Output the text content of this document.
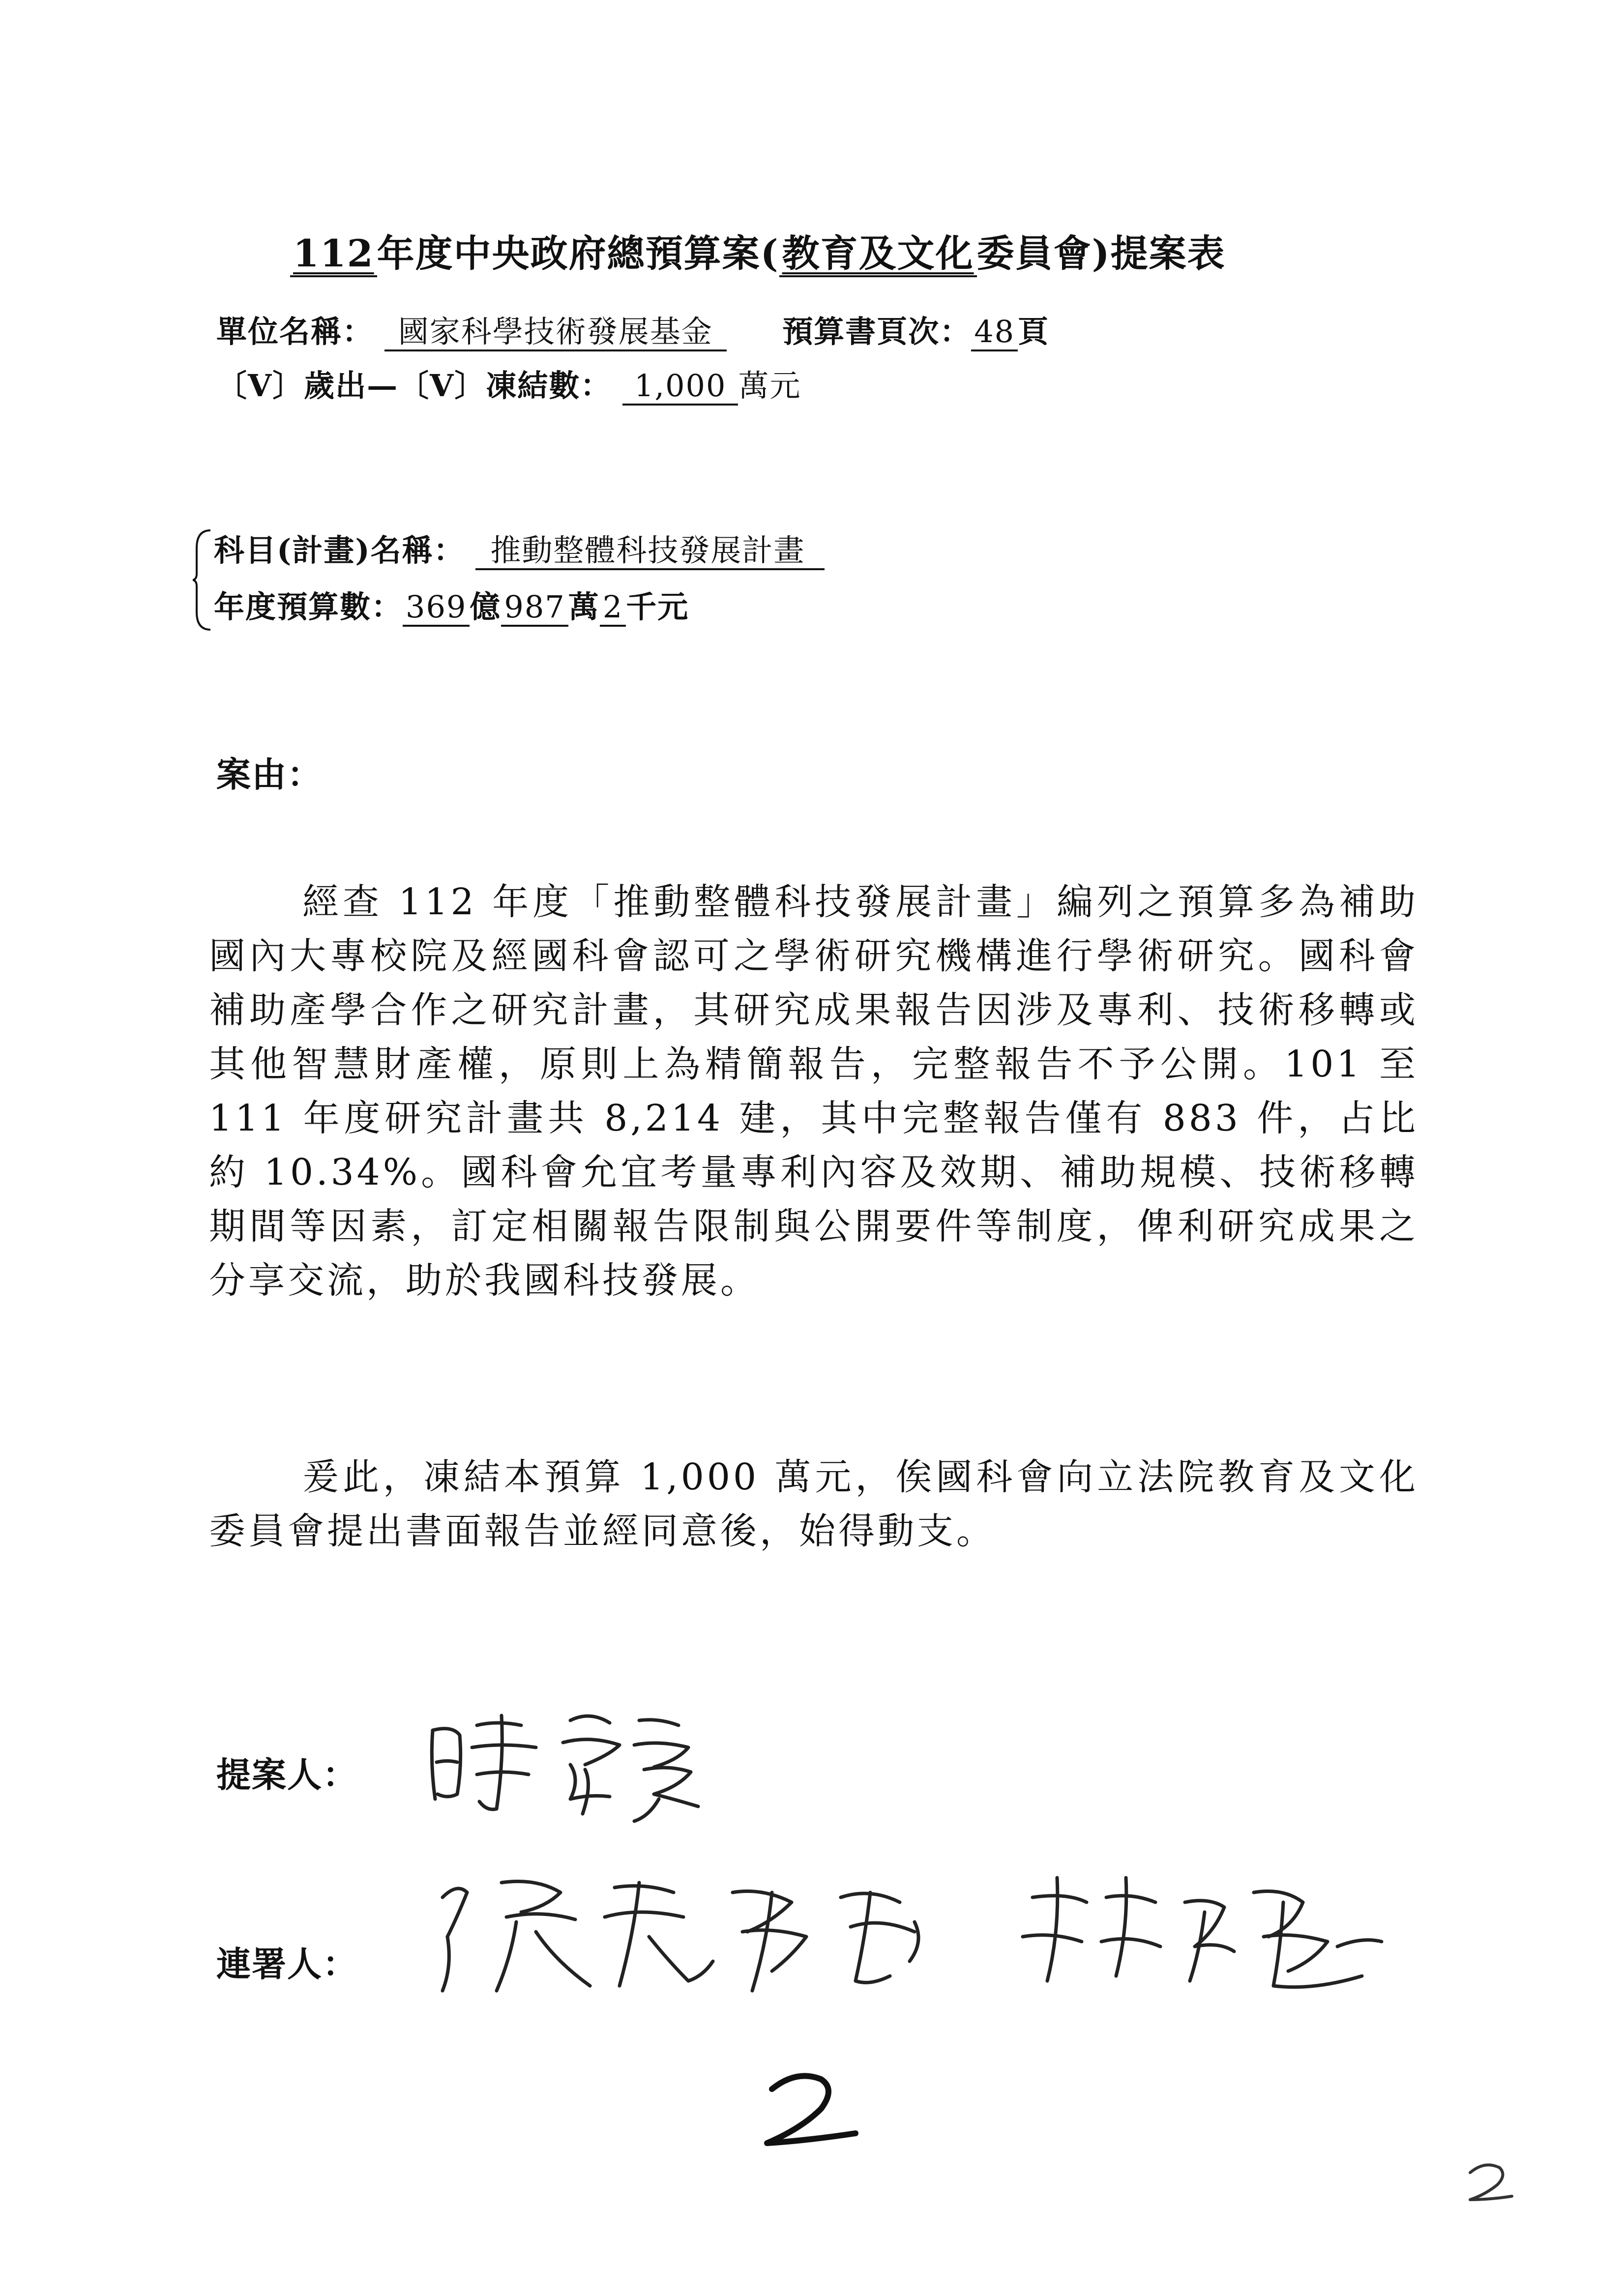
112年度中央政府總預算案(教育及文化委員會)提案表
單位名稱： 國家科學技術發展基金 預算書頁次：48頁
〔V〕歲出—〔V〕凍結數： 1,000 萬元
科目(計畫)名稱： 推動整體科技發展計畫
年度預算數：369億987萬2千元
案由：

經查 112 年度「推動整體科技發展計畫」編列之預算多為補助國內大專校院及經國科會認可之學術研究機構進行學術研究。國科會補助產學合作之研究計畫，其研究成果報告因涉及專利、技術移轉或其他智慧財產權，原則上為精簡報告，完整報告不予公開。101 至 111 年度研究計畫共 8,214 建，其中完整報告僅有 883 件，占比約 10.34%。國科會允宜考量專利內容及效期、補助規模、技術移轉期間等因素，訂定相關報告限制與公開要件等制度，俾利研究成果之分享交流，助於我國科技發展。

爰此，凍結本預算 1,000 萬元，俟國科會向立法院教育及文化委員會提出書面報告並經同意後，始得動支。

提案人：
連署人：
